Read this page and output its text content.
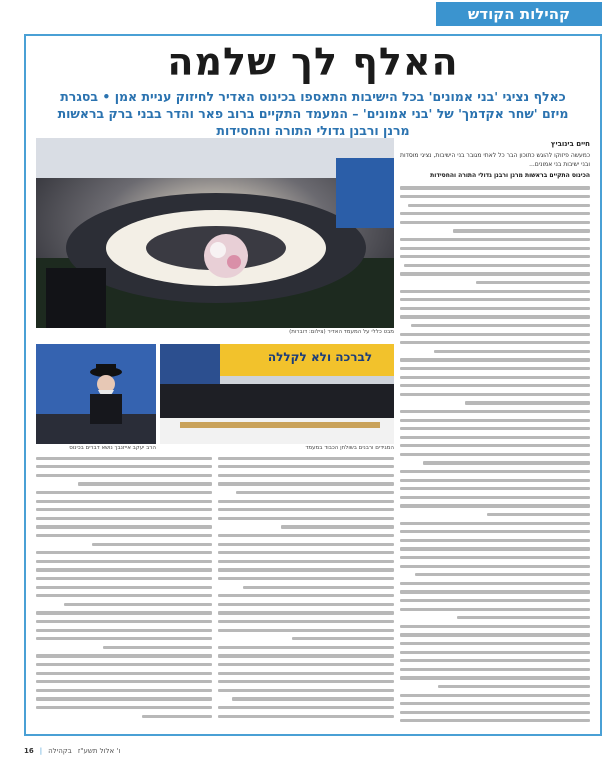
קהילות הקודש
האלף לך שלמה
כאלף נציגי 'בני אמונים' בכל הישיבות התאספו בכינוס האדיר לחיזוק עניית אמן • בסגרת
מיזם 'שחר אקדמך' של 'בני אמונים' – המעמד התקיים ברוב פאר והדר בבני ברק בראשות
מרנן ורבנן גדולי התורה והחסידות
מבט כללי על המעמד האדיר (צילום: דוברות)
לברכה ולא לקללה
המגידים ורבנים בשולחן הכבוד במעמד
הרב יעקב אייזנבך נושא דברים בכינוס
חיים בינוביץ

כמעשה פיזוקו להוגש כתוכון הבר כל לאתי מגובר בני הישיבות, נציגי מוסדות ובני ישיבות בני אמונים...

הכינוס התקיים בראשות מרנן ורבנן גדולי התורה והחסידות

16 | בקהילה ו' אלול תשע"ז
